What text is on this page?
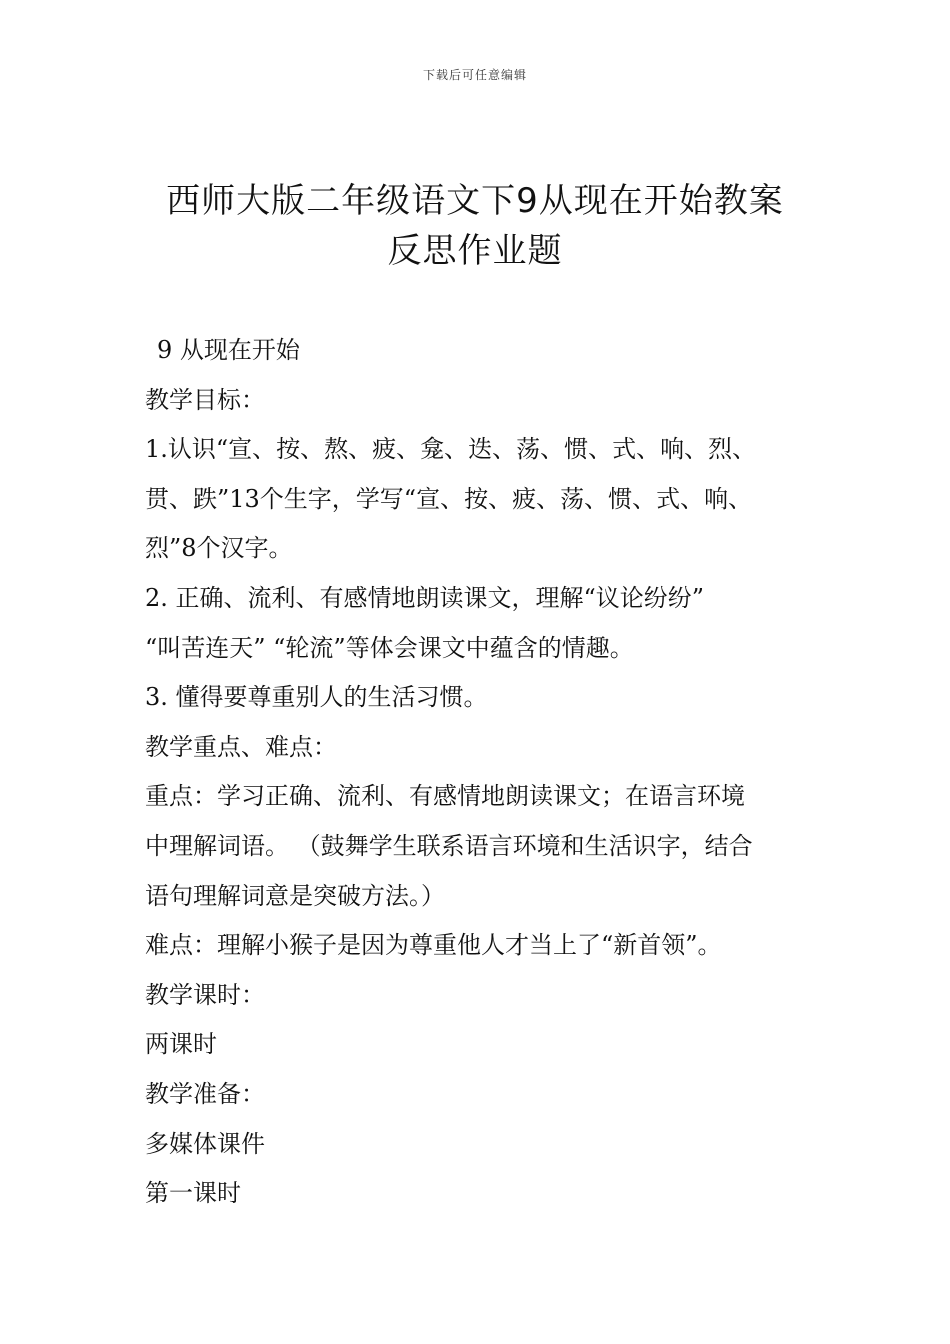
下载后可任意编辑
西师大版二年级语文下9从现在开始教案
反思作业题

9 从现在开始

教学目标：

1.认识“宣、按、熬、疲、龛、迭、荡、惯、式、响、烈、

贯、跌”13个生字，学写“宣、按、疲、荡、惯、式、响、

烈”8个汉字。

2. 正确、流利、有感情地朗读课文，理解“议论纷纷”

“叫苦连天” “轮流”等体会课文中蕴含的情趣。

3. 懂得要尊重别人的生活习惯。

教学重点、难点：

重点：学习正确、流利、有感情地朗读课文；在语言环境

中理解词语。 （鼓舞学生联系语言环境和生活识字，结合

语句理解词意是突破方法。）

难点：理解小猴子是因为尊重他人才当上了“新首领”。

教学课时：

两课时

教学准备：

多媒体课件

第一课时
